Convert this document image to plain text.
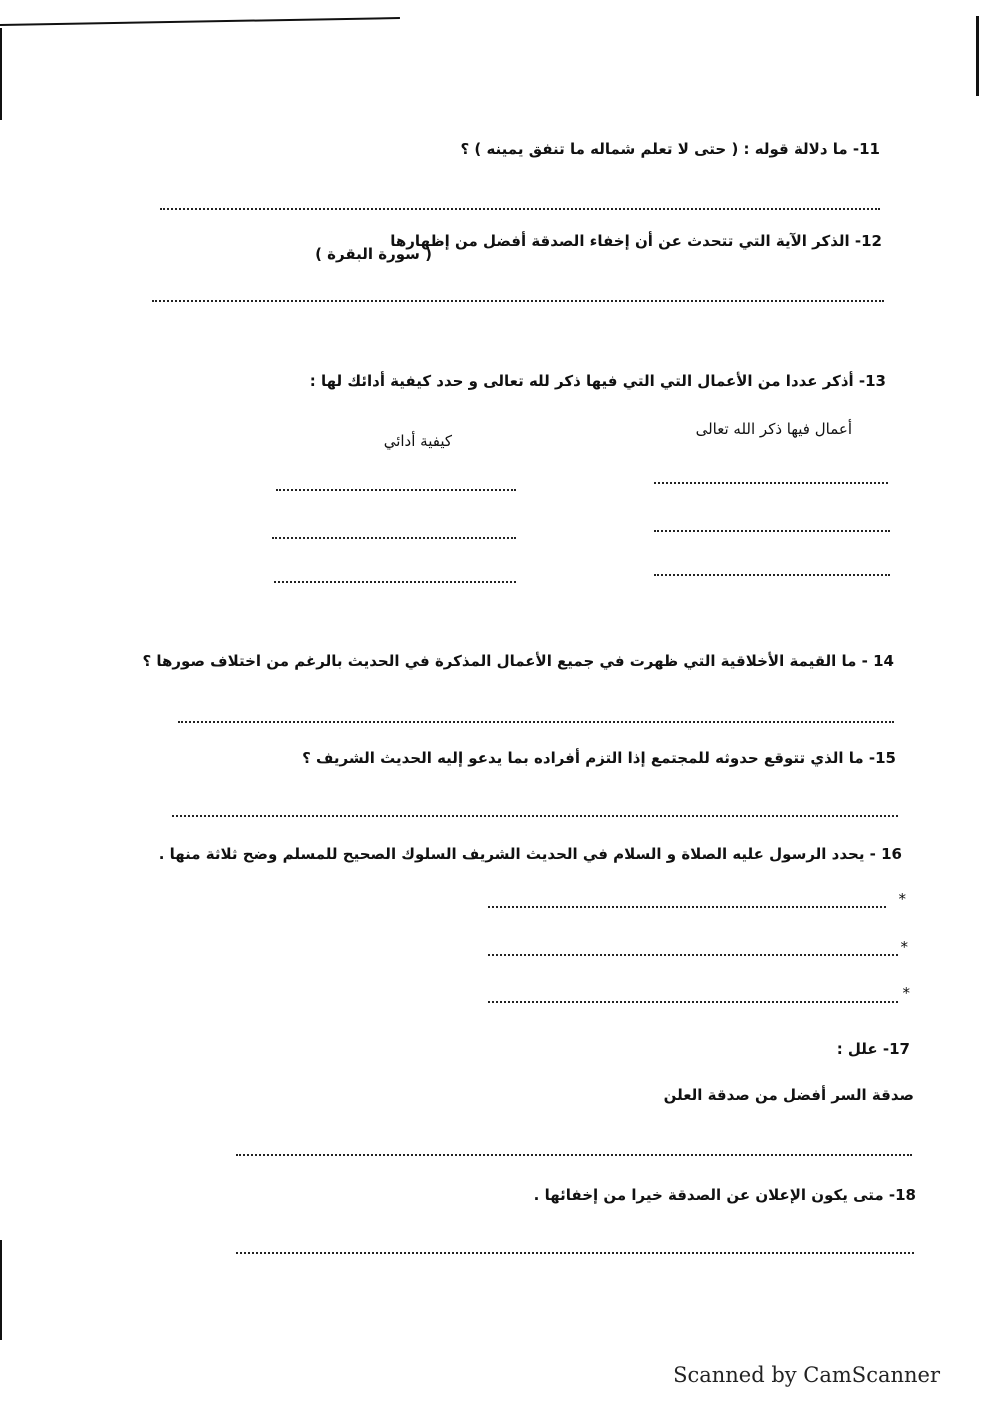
11- ما دلالة قوله : ( حتى لا تعلم شماله ما تنفق يمينه ) ؟
12- الذكر الآية التي تتحدث عن أن إخفاء الصدقة أفضل من إظهارها
( سورة البقرة )
13- أذكر عددا من الأعمال التي التي فيها ذكر لله تعالى و حدد كيفية أدائك لها :
أعمال فيها ذكر الله تعالى
كيفية أدائي
14 - ما القيمة الأخلاقية التي ظهرت في جميع الأعمال المذكرة في الحديث بالرغم من اختلاف صورها ؟
15- ما الذي تتوقع حدوثه للمجتمع إذا التزم أفراده بما يدعو إليه الحديث الشريف ؟
16 - يحدد الرسول عليه الصلاة و السلام في الحديث الشريف السلوك الصحيح للمسلم وضح ثلاثة منها .
*
*
*
17- علل :
صدقة السر أفضل من صدقة العلن
18- متى يكون الإعلان عن الصدقة خيرا من إخفائها .
Scanned by CamScanner
